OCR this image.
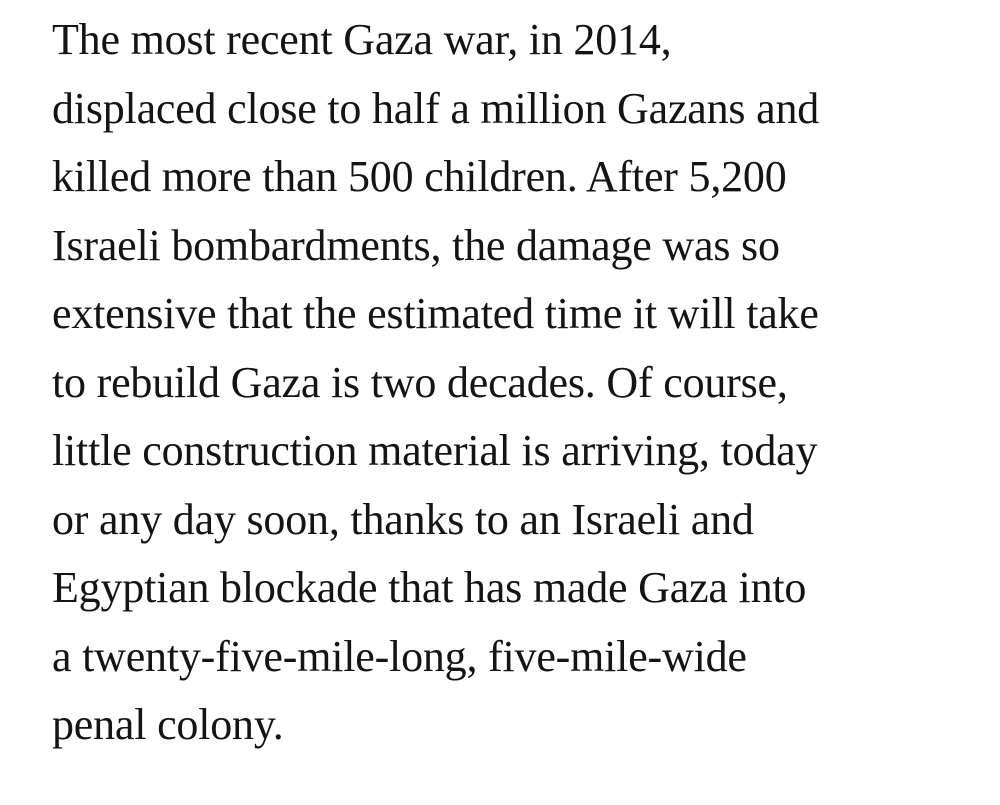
The most recent Gaza war, in 2014,
displaced close to half a million Gazans and
killed more than 500 children. After 5,200
Israeli bombardments, the damage was so
extensive that the estimated time it will take
to rebuild Gaza is two decades. Of course,
little construction material is arriving, today
or any day soon, thanks to an Israeli and
Egyptian blockade that has made Gaza into
a twenty-five-mile-long, five-mile-wide
penal colony.
